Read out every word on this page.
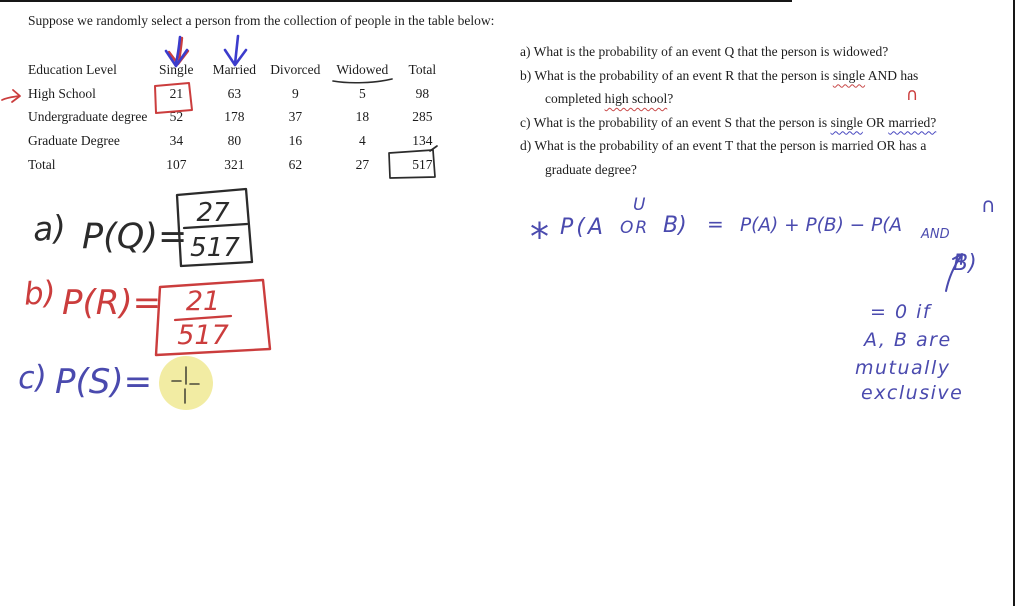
Suppose we randomly select a person from the collection of people in the table below:
Education Level	Single	Married	Divorced	Widowed	Total
High School	21	63	9	5	98
Undergraduate degree	52	178	37	18	285
Graduate Degree	34	80	16	4	134
Total	107	321	62	27	517
a) What is the probability of an event Q that the person is widowed?
b) What is the probability of an event R that the person is single AND has
completed high school?
c) What is the probability of an event S that the person is single OR married?
d) What is the probability of an event T that the person is married OR has a
graduate degree?
a) P(Q)=
27
517
b) P(R)= 21
517
c) P(S)=
∩
* P(A
U
OR B) = P(A) + P(B) − P(A AND
∩
B)
= 0 if
A, B are
mutually
exclusive
